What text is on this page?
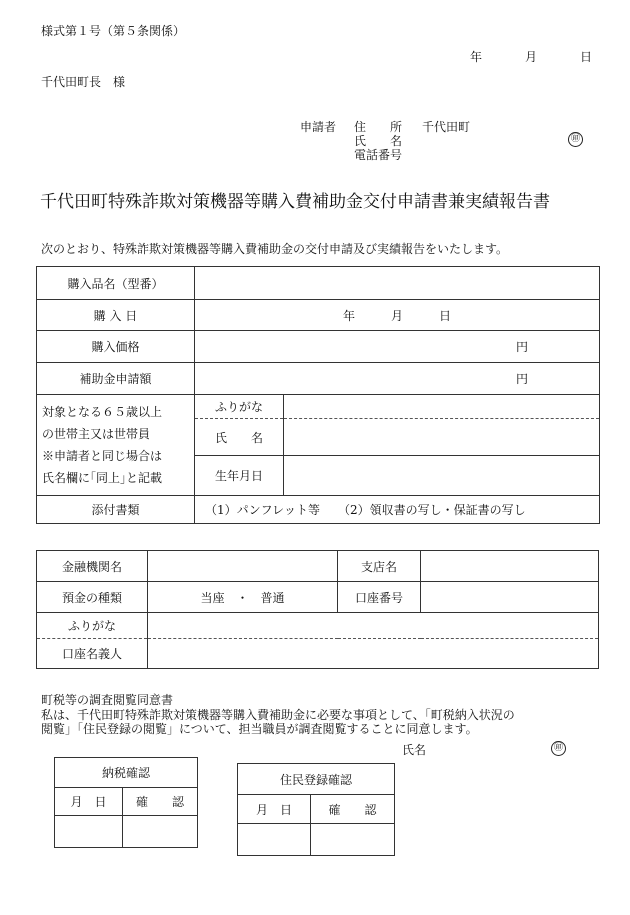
様式第１号（第５条関係）
年	月	日
千代田町長　様
申請者 住　　所 千代田町
氏　　名	㊞
電話番号
千代田町特殊詐欺対策機器等購入費補助金交付申請書兼実績報告書
次のとおり、特殊詐欺対策機器等購入費補助金の交付申請及び実績報告をいたします。
購入品名（型番）		
購 入 日	年　　　月　　　日	
購入価格	円	
補助金申請額	円	

対象となる６５歳以上
の世帯主又は世帯員
※申請者と同じ場合は
氏名欄に｢同上｣と記載	ふりがな	
	氏　　名	
	生年月日	
添付書類	（1）パンフレット等　　（2）領収書の写し・保証書の写し	
金融機関名		支店名	
預金の種類	当座　・　普通	口座番号	
ふりがな			
口座名義人			
町税等の調査閲覧同意書
私は、千代田町特殊詐欺対策機器等購入費補助金に必要な事項として、「町税納入状況の
閲覧」「住民登録の閲覧」について、担当職員が調査閲覧することに同意します。
氏名	㊞
納税確認	
月　日	確　　認

住民登録確認	
月　日	確　　認
